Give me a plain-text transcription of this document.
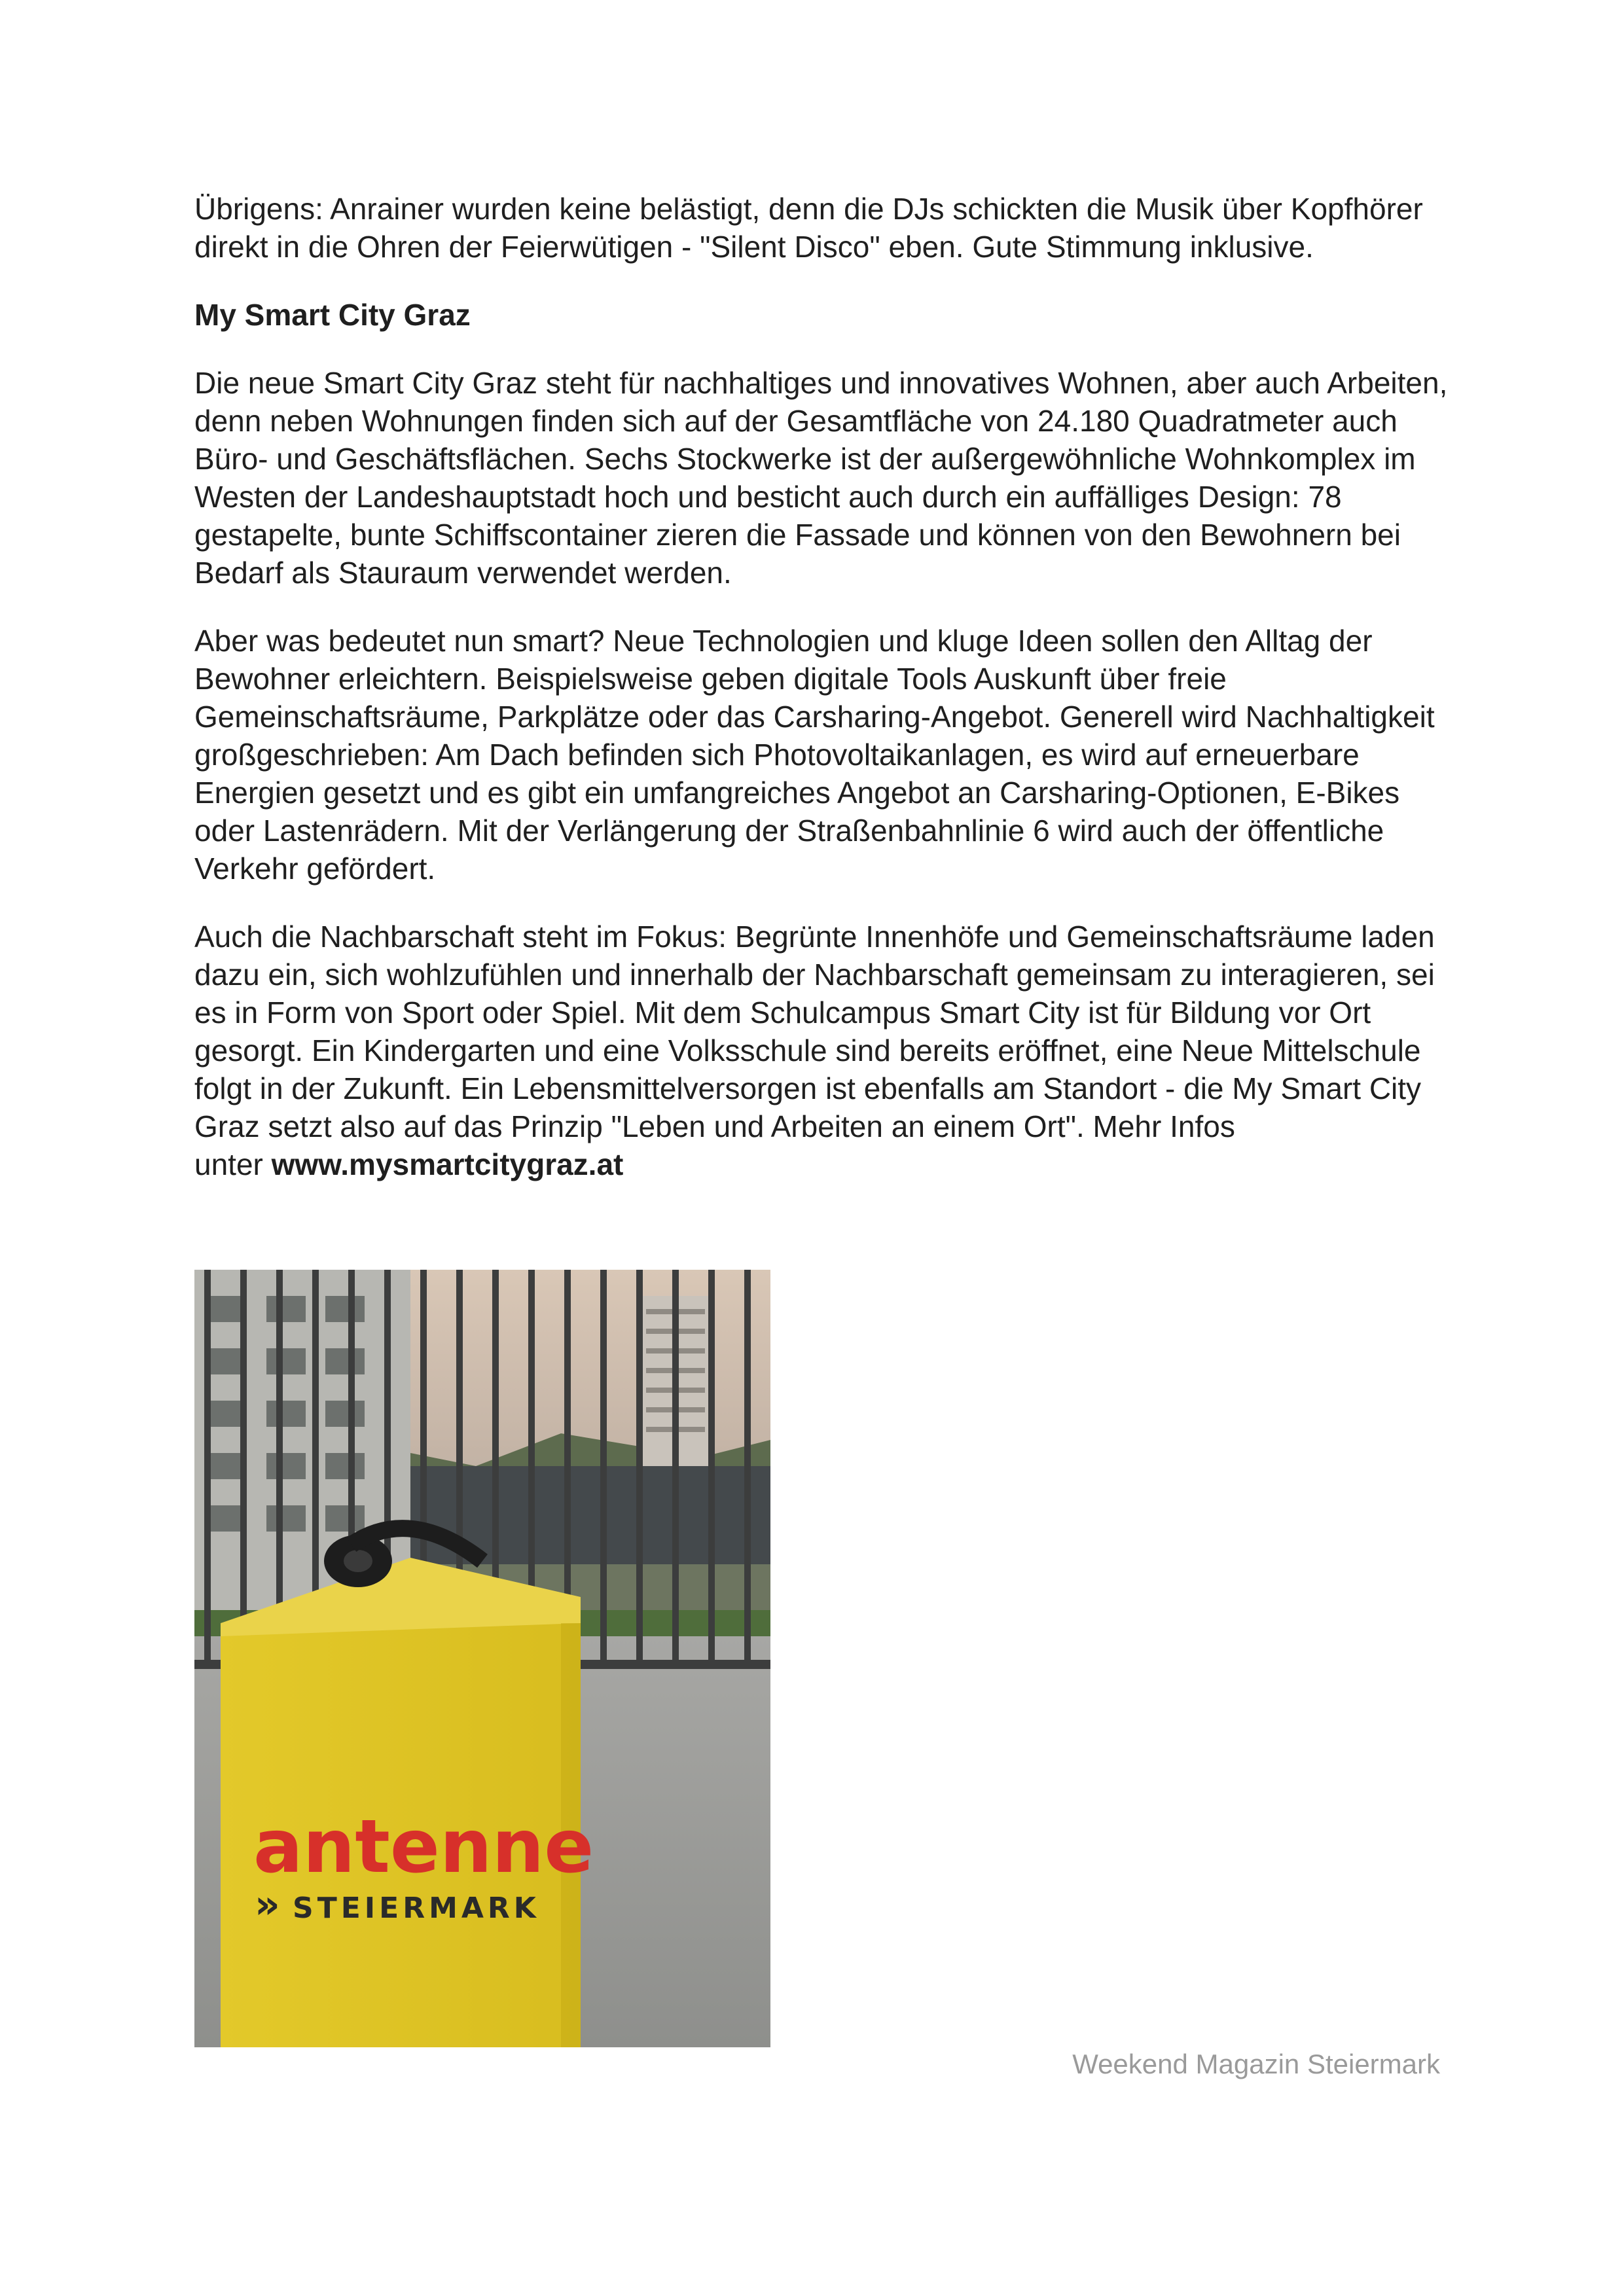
Übrigens: Anrainer wurden keine belästigt, denn die DJs schickten die Musik über Kopfhörer direkt in die Ohren der Feierwütigen - "Silent Disco" eben. Gute Stimmung inklusive.

My Smart City Graz

Die neue Smart City Graz steht für nachhaltiges und innovatives Wohnen, aber auch Arbeiten, denn neben Wohnungen finden sich auf der Gesamtfläche von 24.180 Quadratmeter auch Büro- und Geschäftsflächen. Sechs Stockwerke ist der außergewöhnliche Wohnkomplex im Westen der Landeshauptstadt hoch und besticht auch durch ein auffälliges Design: 78 gestapelte, bunte Schiffscontainer zieren die Fassade und können von den Bewohnern bei Bedarf als Stauraum verwendet werden.

Aber was bedeutet nun smart? Neue Technologien und kluge Ideen sollen den Alltag der Bewohner erleichtern. Beispielsweise geben digitale Tools Auskunft über freie Gemeinschaftsräume, Parkplätze oder das Carsharing-Angebot. Generell wird Nachhaltigkeit großgeschrieben: Am Dach befinden sich Photovoltaikanlagen, es wird auf erneuerbare Energien gesetzt und es gibt ein umfangreiches Angebot an Carsharing-Optionen, E-Bikes oder Lastenrädern. Mit der Verlängerung der Straßenbahnlinie 6 wird auch der öffentliche Verkehr gefördert.

Auch die Nachbarschaft steht im Fokus: Begrünte Innenhöfe und Gemeinschaftsräume laden dazu ein, sich wohlzufühlen und innerhalb der Nachbarschaft gemeinsam zu interagieren, sei es in Form von Sport oder Spiel. Mit dem Schulcampus Smart City ist für Bildung vor Ort gesorgt. Ein Kindergarten und eine Volksschule sind bereits eröffnet, eine Neue Mittelschule folgt in der Zukunft. Ein Lebensmittelversorgen ist ebenfalls am Standort - die My Smart City Graz setzt also auf das Prinzip "Leben und Arbeiten an einem Ort". Mehr Infos

unter www.mysmartcitygraz.at

antenne
» STEIERMARK
Weekend Magazin Steiermark
